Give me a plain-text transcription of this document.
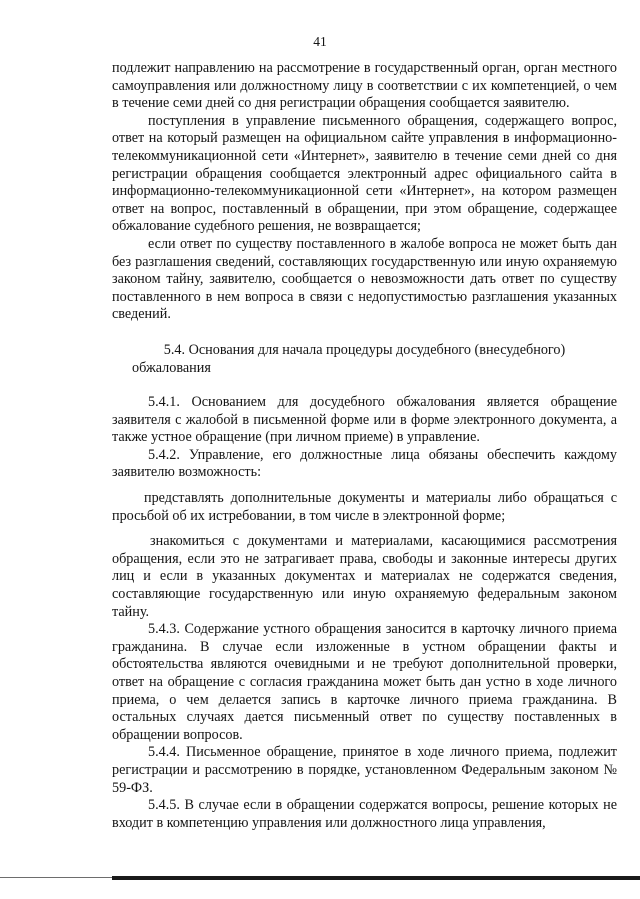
41

подлежит направлению на рассмотрение в государственный орган, орган местного самоуправления или должностному лицу в соответствии с их компетенцией, о чем в течение семи дней со дня регистрации обращения сообщается заявителю.

поступления в управление письменного обращения, содержащего вопрос, ответ на который размещен на официальном сайте управления в информационно-телекоммуникационной сети «Интернет», заявителю в течение семи дней со дня регистрации обращения сообщается электронный адрес официального сайта в информационно-телекоммуникационной сети «Интернет», на котором размещен ответ на вопрос, поставленный в обращении, при этом обращение, содержащее обжалование судебного решения, не возвращается;

если ответ по существу поставленного в жалобе вопроса не может быть дан без разглашения сведений, составляющих государственную или иную охраняемую законом тайну, заявителю, сообщается о невозможности дать ответ по существу поставленного в нем вопроса в связи с недопустимостью разглашения указанных сведений.

5.4. Основания для начала процедуры досудебного (внесудебного) обжалования

5.4.1. Основанием для досудебного обжалования является обращение заявителя с жалобой в письменной форме или в форме электронного документа, а также устное обращение (при личном приеме) в управление.

5.4.2. Управление, его должностные лица обязаны обеспечить каждому заявителю возможность:

представлять дополнительные документы и материалы либо обращаться с просьбой об их истребовании, в том числе в электронной форме;

знакомиться с документами и материалами, касающимися рассмотрения обращения, если это не затрагивает права, свободы и законные интересы других лиц и если в указанных документах и материалах не содержатся сведения, составляющие государственную или иную охраняемую федеральным законом тайну.

5.4.3. Содержание устного обращения заносится в карточку личного приема гражданина. В случае если изложенные в устном обращении факты и обстоятельства являются очевидными и не требуют дополнительной проверки, ответ на обращение с согласия гражданина может быть дан устно в ходе личного приема, о чем делается запись в карточке личного приема гражданина. В остальных случаях дается письменный ответ по существу поставленных в обращении вопросов.

5.4.4. Письменное обращение, принятое в ходе личного приема, подлежит регистрации и рассмотрению в порядке, установленном Федеральным законом № 59-ФЗ.

5.4.5. В случае если в обращении содержатся вопросы, решение которых не входит в компетенцию управления или должностного лица управления,
